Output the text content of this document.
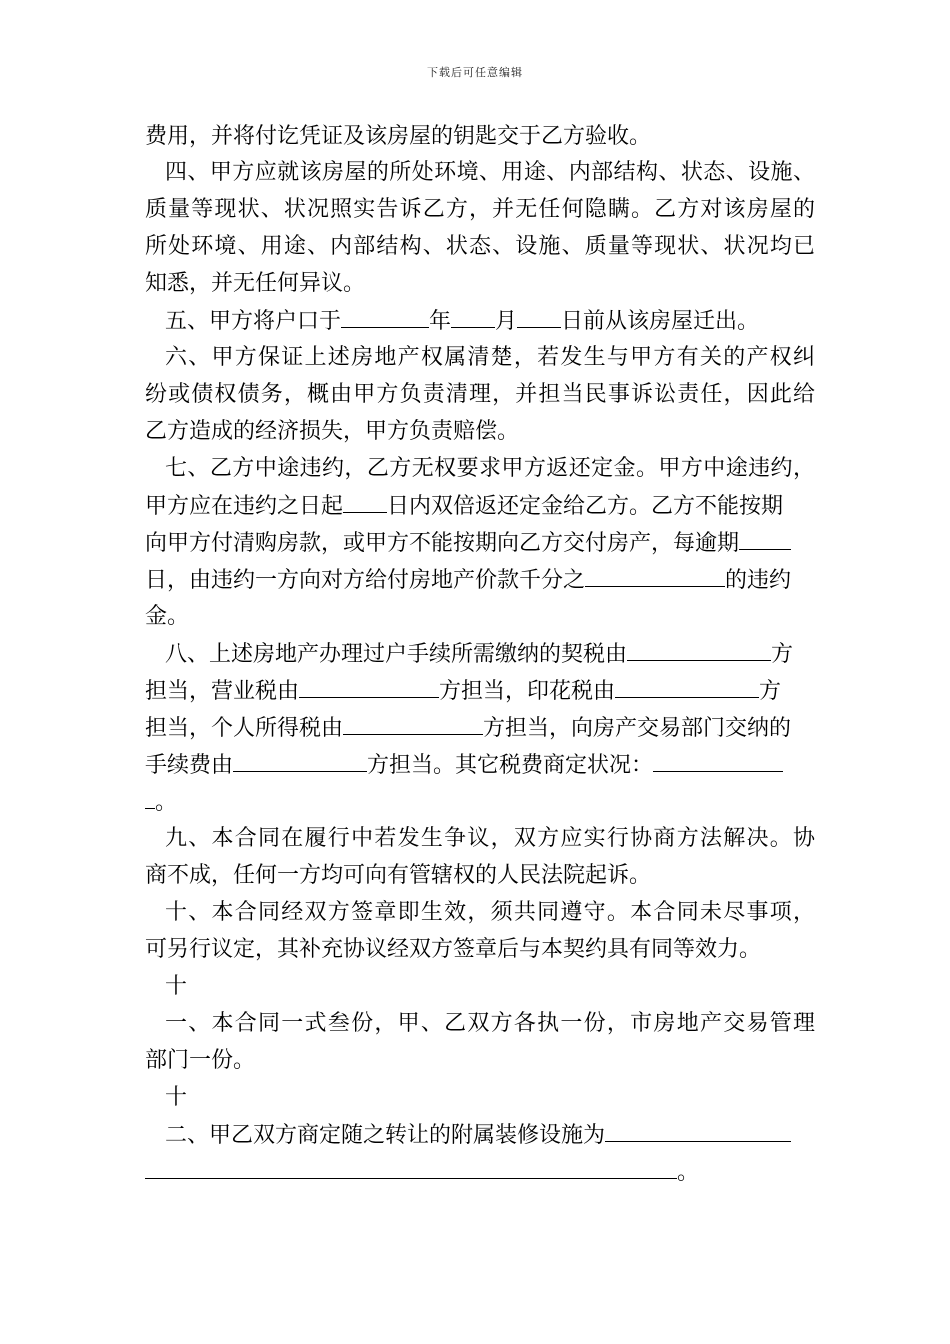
下载后可任意编辑
费用，并将付讫凭证及该房屋的钥匙交于乙方验收。
四、甲方应就该房屋的所处环境、用途、内部结构、状态、设施、
质量等现状、状况照实告诉乙方，并无任何隐瞒。乙方对该房屋的
所处环境、用途、内部结构、状态、设施、质量等现状、状况均已
知悉，并无任何异议。
五、甲方将户口于	年 月 日前从该房屋迁出。
六、甲方保证上述房地产权属清楚，若发生与甲方有关的产权纠
纷或债权债务，概由甲方负责清理，并担当民事诉讼责任，因此给
乙方造成的经济损失，甲方负责赔偿。
七、乙方中途违约，乙方无权要求甲方返还定金。甲方中途违约，
甲方应在违约之日起 日内双倍返还定金给乙方。乙方不能按期
向甲方付清购房款，或甲方不能按期向乙方交付房产，每逾期
日，由违约一方向对方给付房地产价款千分之	的违约
金。
八、上述房地产办理过户手续所需缴纳的契税由	方
担当，营业税由	方担当，印花税由	方
担当，个人所得税由	方担当，向房产交易部门交纳的
手续费由	方担当。其它税费商定状况：
。
九、本合同在履行中若发生争议，双方应实行协商方法解决。协
商不成，任何一方均可向有管辖权的人民法院起诉。
十、本合同经双方签章即生效，须共同遵守。本合同未尽事项，
可另行议定，其补充协议经双方签章后与本契约具有同等效力。
十
一、本合同一式叁份，甲、乙双方各执一份，市房地产交易管理
部门一份。
十
二、甲乙双方商定随之转让的附属装修设施为
。
